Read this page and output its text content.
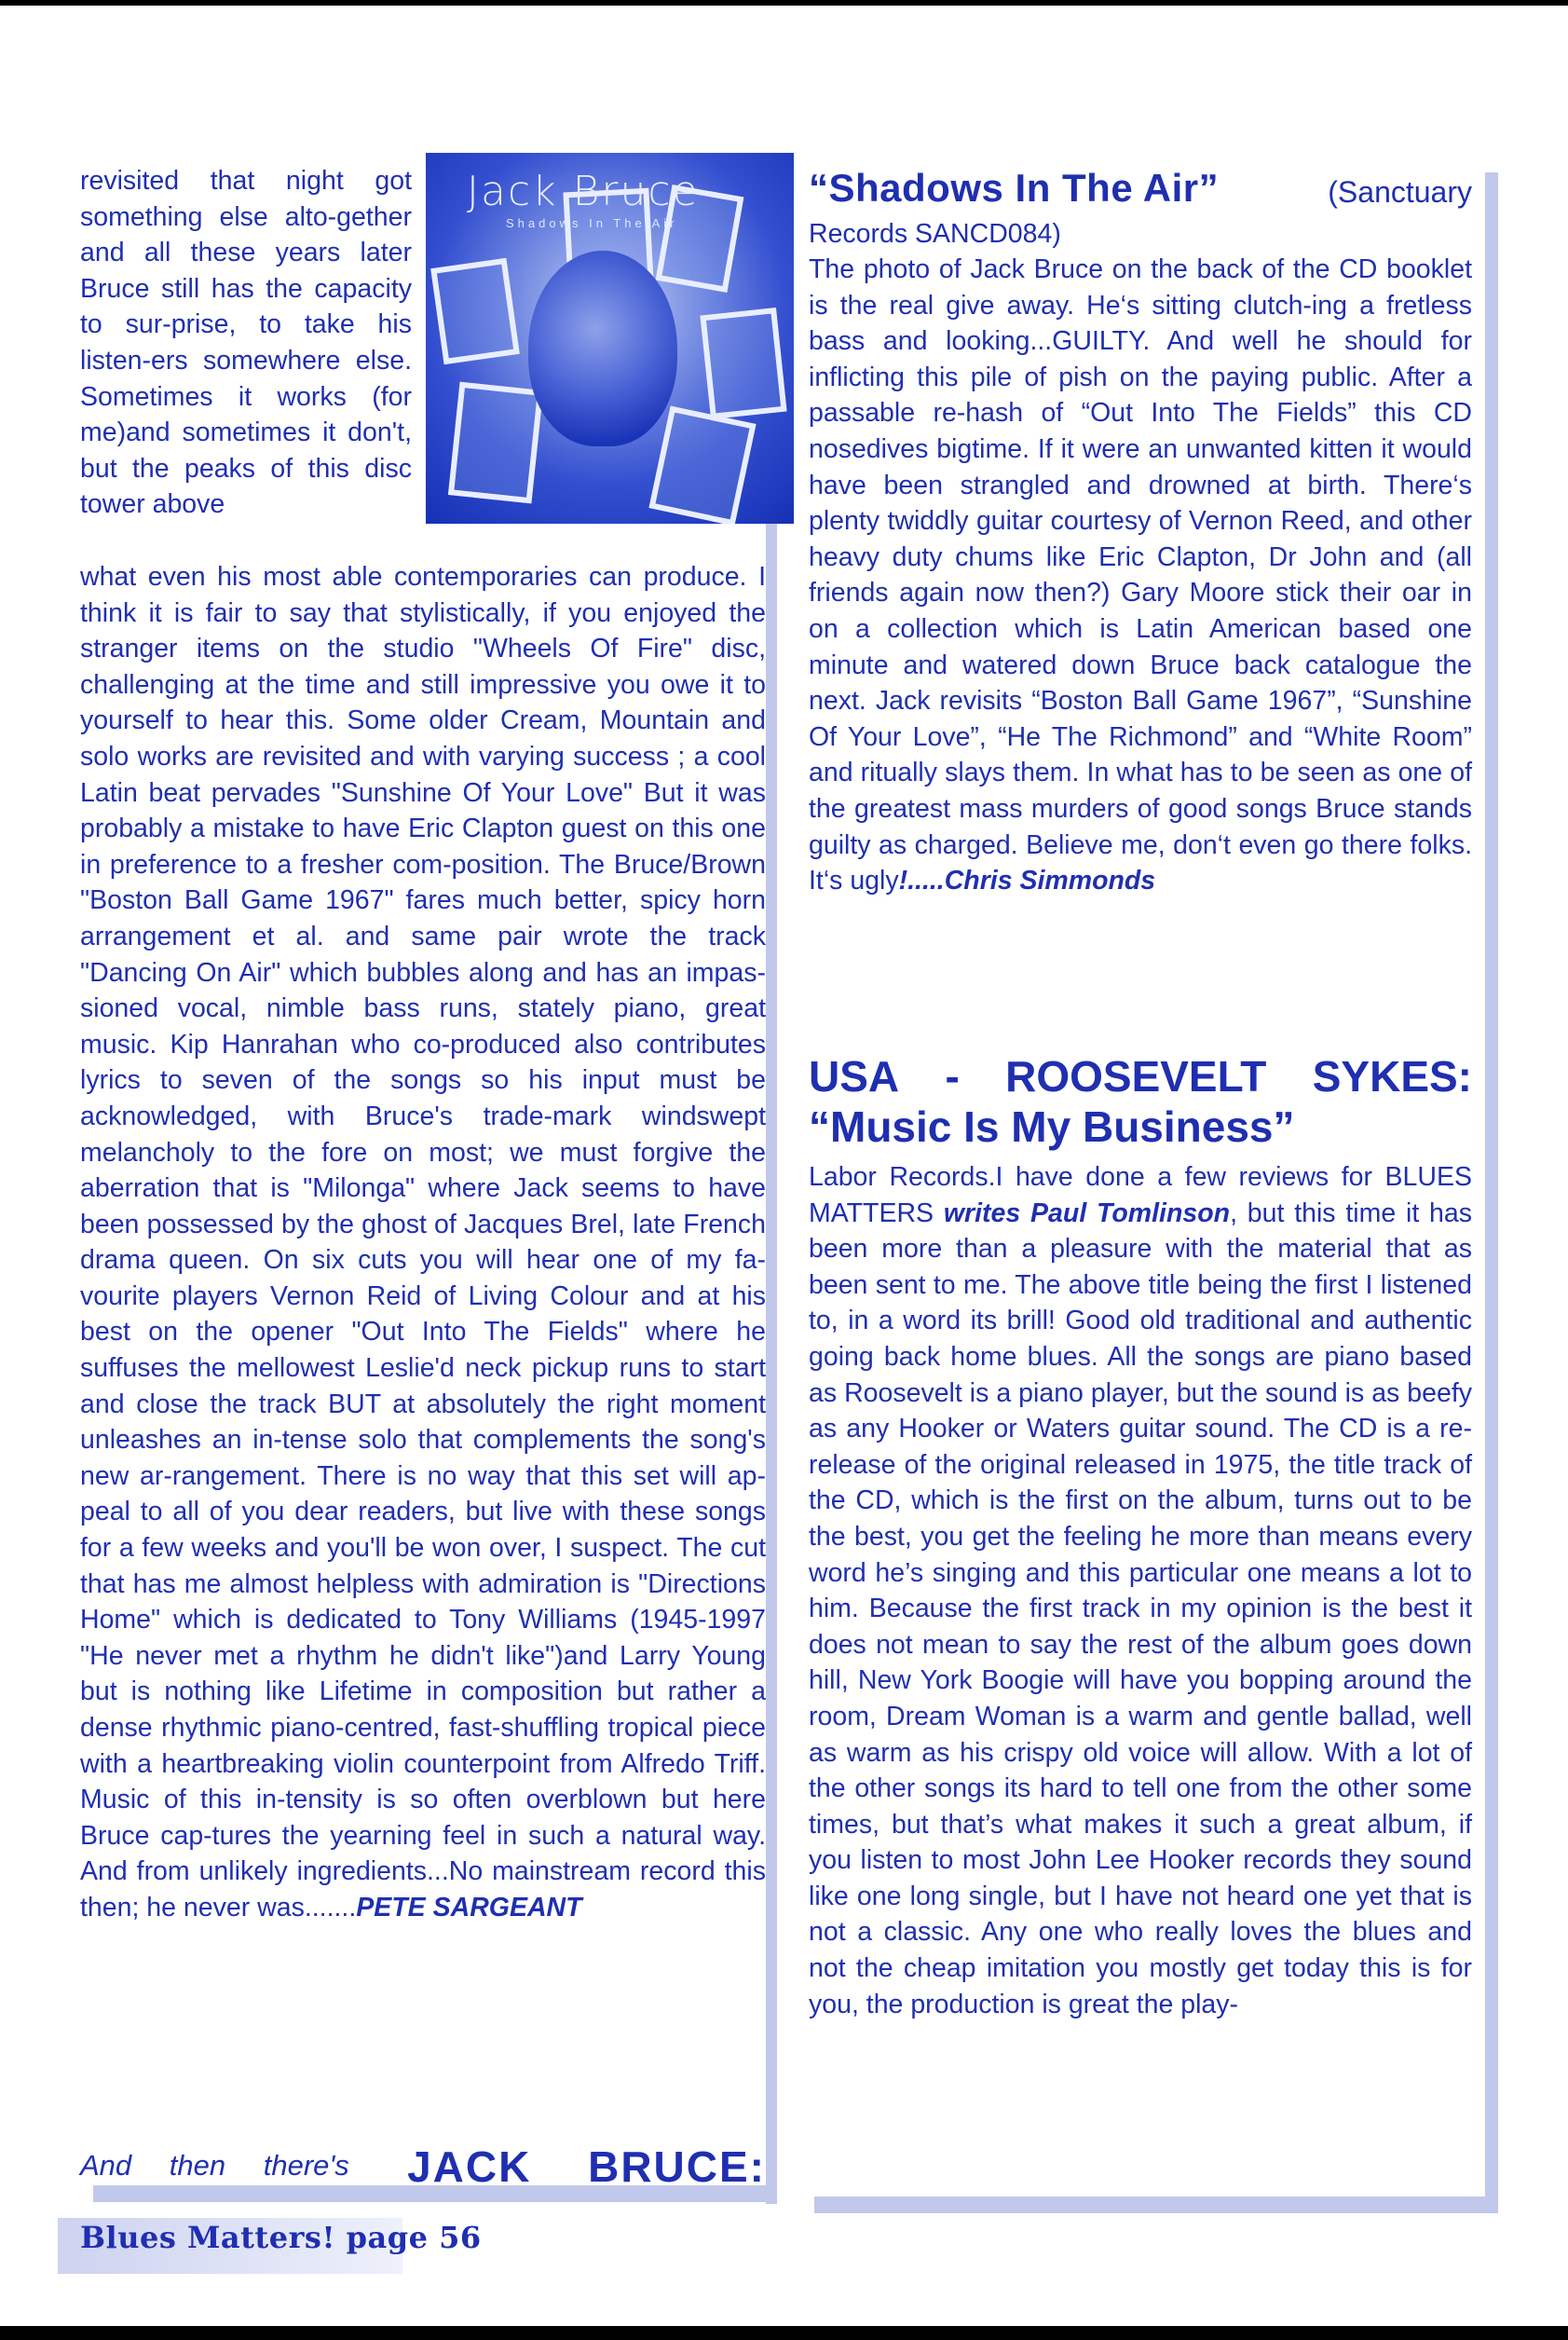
Jack Bruce
Shadows In The Air

revisited that night got something else alto-gether and all these years later Bruce still has the capacity to sur-prise, to take his listen-ers somewhere else. Sometimes it works (for me)and sometimes it don't, but the peaks of this disc tower above

what even his most able contemporaries can produce. I think it is fair to say that stylistically, if you enjoyed the stranger items on the studio "Wheels Of Fire" disc, challenging at the time and still impressive you owe it to yourself to hear this. Some older Cream, Mountain and solo works are revisited and with varying success ; a cool Latin beat pervades "Sunshine Of Your Love" But it was probably a mistake to have Eric Clapton guest on this one in preference to a fresher com-position. The Bruce/Brown "Boston Ball Game 1967" fares much better, spicy horn arrangement et al. and same pair wrote the track "Dancing On Air" which bubbles along and has an impas-sioned vocal, nimble bass runs, stately piano, great music. Kip Hanrahan who co-produced also contributes lyrics to seven of the songs so his input must be acknowledged, with Bruce's trade-mark windswept melancholy to the fore on most; we must forgive the aberration that is "Milonga" where Jack seems to have been possessed by the ghost of Jacques Brel, late French drama queen. On six cuts you will hear one of my fa-vourite players Vernon Reid of Living Colour and at his best on the opener "Out Into The Fields" where he suffuses the mellowest Leslie'd neck pickup runs to start and close the track BUT at absolutely the right moment unleashes an in-tense solo that complements the song's new ar-rangement. There is no way that this set will ap-peal to all of you dear readers, but live with these songs for a few weeks and you'll be won over, I suspect. The cut that has me almost helpless with admiration is "Directions Home" which is dedicated to Tony Williams (1945-1997 "He never met a rhythm he didn't like")and Larry Young but is nothing like Lifetime in composition but rather a dense rhythmic piano-centred, fast-shuffling tropical piece with a heartbreaking violin counterpoint from Alfredo Triff. Music of this in-tensity is so often overblown but here Bruce cap-tures the yearning feel in such a natural way. And from unlikely ingredients...No mainstream record this then; he never was.......PETE SARGEANT

And then there's JACK BRUCE:
“Shadows In The Air”	(Sanctuary

Records SANCD084)

The photo of Jack Bruce on the back of the CD booklet is the real give away. He‘s sitting clutch-ing a fretless bass and looking...GUILTY. And well he should for inflicting this pile of pish on the paying public. After a passable re-hash of “Out Into The Fields” this CD nosedives bigtime. If it were an unwanted kitten it would have been strangled and drowned at birth. There‘s plenty twiddly guitar courtesy of Vernon Reed, and other heavy duty chums like Eric Clapton, Dr John and (all friends again now then?) Gary Moore stick their oar in on a collection which is Latin American based one minute and watered down Bruce back catalogue the next. Jack revisits “Boston Ball Game 1967”, “Sunshine Of Your Love”, “He The Richmond” and “White Room” and ritually slays them. In what has to be seen as one of the greatest mass murders of good songs Bruce stands guilty as charged. Believe me, don‘t even go there folks. It‘s ugly!.....Chris Simmonds

USA - ROOSEVELT SYKES:
“Music Is My Business”

Labor Records.I have done a few reviews for BLUES MATTERS writes Paul Tomlinson, but this time it has been more than a pleasure with the material that as been sent to me. The above title being the first I listened to, in a word its brill! Good old traditional and authentic going back home blues. All the songs are piano based as Roosevelt is a piano player, but the sound is as beefy as any Hooker or Waters guitar sound. The CD is a re-release of the original released in 1975, the title track of the CD, which is the first on the album, turns out to be the best, you get the feeling he more than means every word he’s singing and this particular one means a lot to him. Because the first track in my opinion is the best it does not mean to say the rest of the album goes down hill, New York Boogie will have you bopping around the room, Dream Woman is a warm and gentle ballad, well as warm as his crispy old voice will allow. With a lot of the other songs its hard to tell one from the other some times, but that’s what makes it such a great album, if you listen to most John Lee Hooker records they sound like one long single, but I have not heard one yet that is not a classic. Any one who really loves the blues and not the cheap imitation you mostly get today this is for you, the production is great the play-

Blues Matters! page 56
